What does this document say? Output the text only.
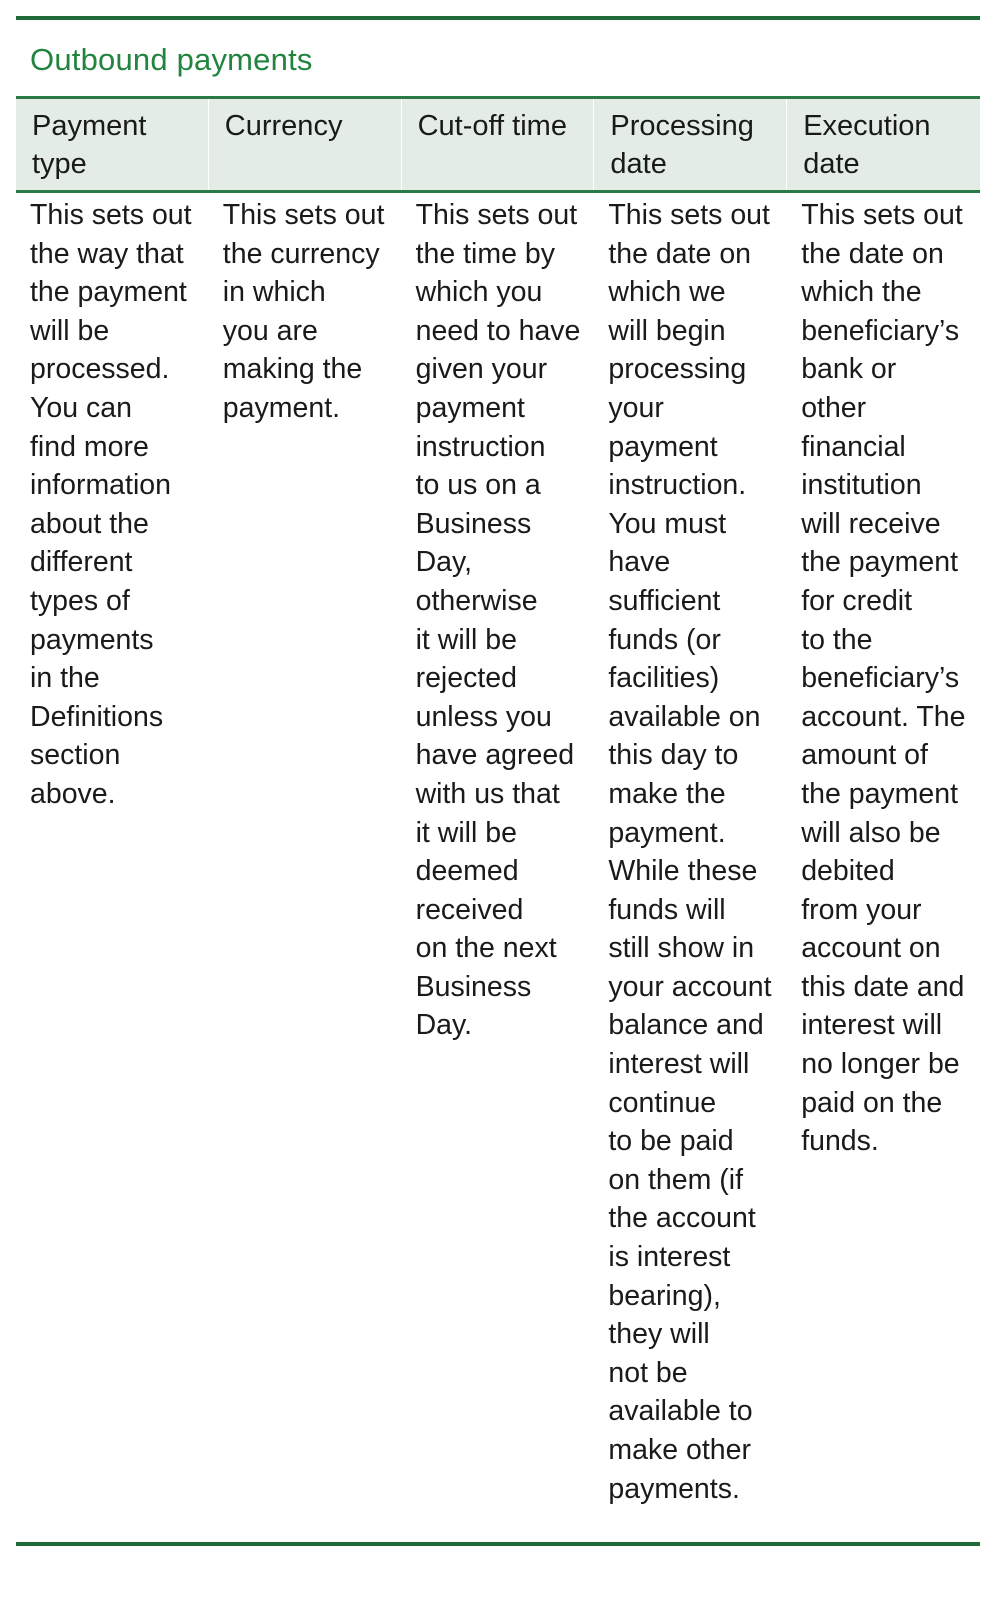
Outbound payments
Payment
type
Currency	Cut-off time	Processing
date
Execution
date
This sets out
the way that
the payment
will be
processed.
You can
find more
information
about the
different
types of
payments
in the
Definitions
section
above.
This sets out
the currency
in which
you are
making the
payment.
This sets out
the time by
which you
need to have
given your
payment
instruction
to us on a
Business
Day,
otherwise
it will be
rejected
unless you
have agreed
with us that
it will be
deemed
received
on the next
Business
Day.
This sets out
the date on
which we
will begin
processing
your
payment
instruction.
You must
have
sufficient
funds (or
facilities)
available on
this day to
make the
payment.
While these
funds will
still show in
your account
balance and
interest will
continue
to be paid
on them (if
the account
is interest
bearing),
they will
not be
available to
make other
payments.
This sets out
the date on
which the
beneficiary’s
bank or
other
financial
institution
will receive
the payment
for credit
to the
beneficiary’s
account. The
amount of
the payment
will also be
debited
from your
account on
this date and
interest will
no longer be
paid on the
funds.
